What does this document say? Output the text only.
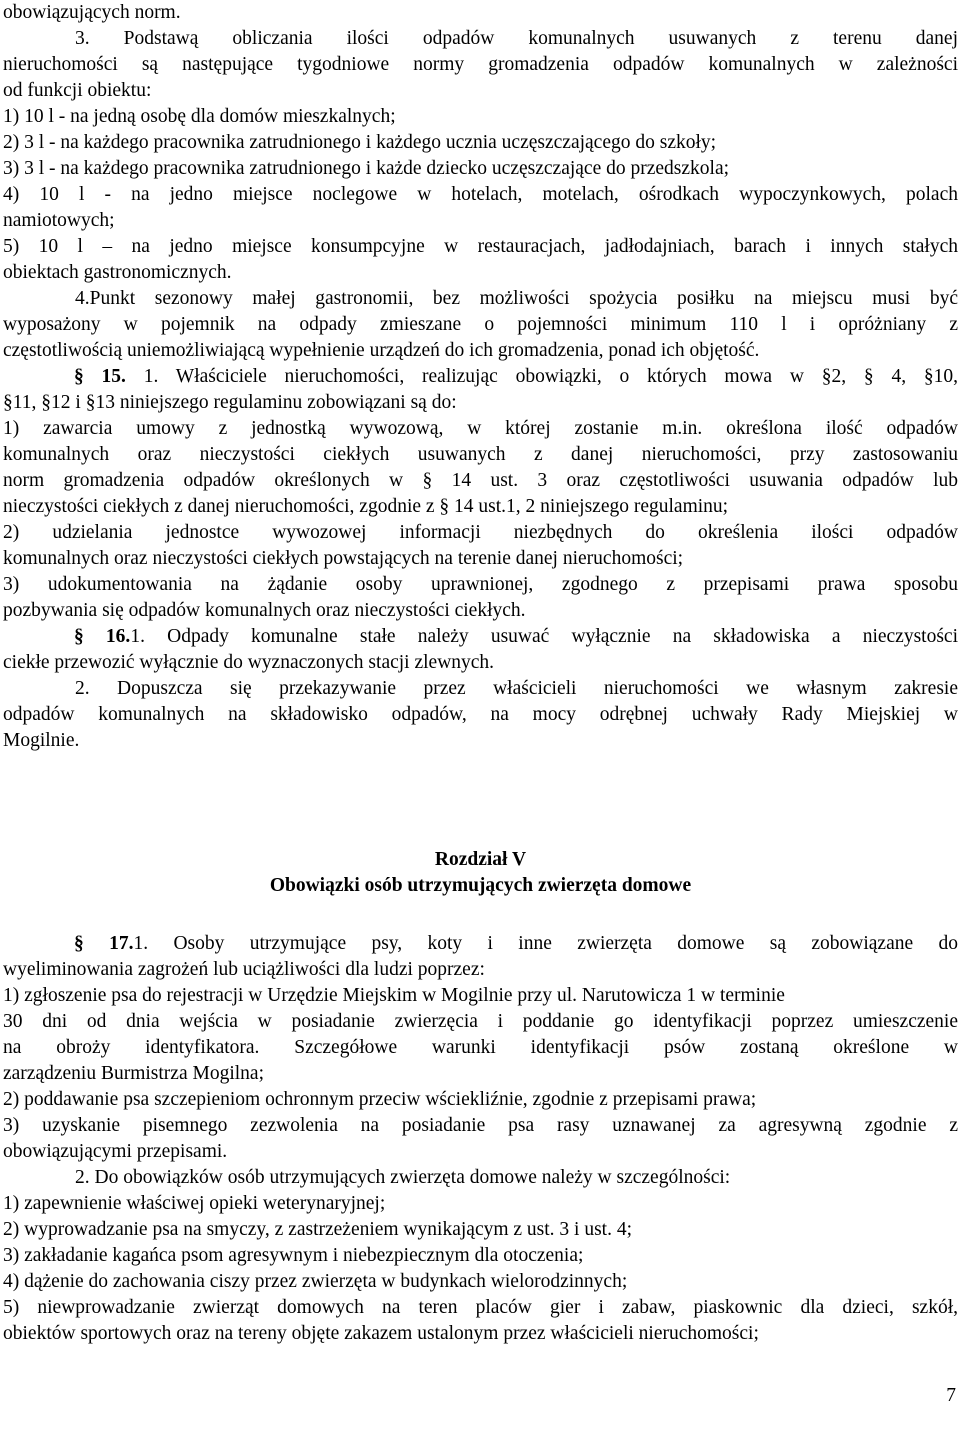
obowiązujących norm.
3. Podstawą obliczania ilości odpadów komunalnych usuwanych z terenu danej
nieruchomości są następujące tygodniowe normy gromadzenia odpadów komunalnych w zależności
od funkcji obiektu:
1) 10 l - na jedną osobę dla domów mieszkalnych;
2) 3 l - na każdego pracownika zatrudnionego i każdego ucznia uczęszczającego do szkoły;
3) 3 l - na każdego pracownika zatrudnionego i każde dziecko uczęszczające do przedszkola;
4) 10 l - na jedno miejsce noclegowe w hotelach, motelach, ośrodkach wypoczynkowych, polach
namiotowych;
5) 10 l – na jedno miejsce konsumpcyjne w restauracjach, jadłodajniach, barach i innych stałych
obiektach gastronomicznych.
4.Punkt sezonowy małej gastronomii, bez możliwości spożycia posiłku na miejscu musi być
wyposażony w pojemnik na odpady zmieszane o pojemności minimum 110 l i opróżniany z
częstotliwością uniemożliwiającą wypełnienie urządzeń do ich gromadzenia, ponad ich objętość.
§ 15. 1. Właściciele nieruchomości, realizując obowiązki, o których mowa w §2, § 4, §10,
§11, §12 i §13 niniejszego regulaminu zobowiązani są do:
1) zawarcia umowy z jednostką wywozową, w której zostanie m.in. określona ilość odpadów
komunalnych oraz nieczystości ciekłych usuwanych z danej nieruchomości, przy zastosowaniu
norm gromadzenia odpadów określonych w § 14 ust. 3 oraz częstotliwości usuwania odpadów lub
nieczystości ciekłych z danej nieruchomości, zgodnie z § 14 ust.1, 2 niniejszego regulaminu;
2) udzielania jednostce wywozowej informacji niezbędnych do określenia ilości odpadów
komunalnych oraz nieczystości ciekłych powstających na terenie danej nieruchomości;
3) udokumentowania na żądanie osoby uprawnionej, zgodnego z przepisami prawa sposobu
pozbywania się odpadów komunalnych oraz nieczystości ciekłych.
§ 16.1. Odpady komunalne stałe należy usuwać wyłącznie na składowiska a nieczystości
ciekłe przewozić wyłącznie do wyznaczonych stacji zlewnych.
2. Dopuszcza się przekazywanie przez właścicieli nieruchomości we własnym zakresie
odpadów komunalnych na składowisko odpadów, na mocy odrębnej uchwały Rady Miejskiej w
Mogilnie.
Rozdział V
Obowiązki osób utrzymujących zwierzęta domowe
§ 17.1. Osoby utrzymujące psy, koty i inne zwierzęta domowe są zobowiązane do
wyeliminowania zagrożeń lub uciążliwości dla ludzi poprzez:
1) zgłoszenie psa do rejestracji w Urzędzie Miejskim w Mogilnie przy ul. Narutowicza 1 w terminie
30 dni od dnia wejścia w posiadanie zwierzęcia i poddanie go identyfikacji poprzez umieszczenie
na obroży identyfikatora. Szczegółowe warunki identyfikacji psów zostaną określone w
zarządzeniu Burmistrza Mogilna;
2) poddawanie psa szczepieniom ochronnym przeciw wściekliźnie, zgodnie z przepisami prawa;
3) uzyskanie pisemnego zezwolenia na posiadanie psa rasy uznawanej za agresywną zgodnie z
obowiązującymi przepisami.
2. Do obowiązków osób utrzymujących zwierzęta domowe należy w szczególności:
1) zapewnienie właściwej opieki weterynaryjnej;
2) wyprowadzanie psa na smyczy, z zastrzeżeniem wynikającym z ust. 3 i ust. 4;
3) zakładanie kagańca psom agresywnym i niebezpiecznym dla otoczenia;
4) dążenie do zachowania ciszy przez zwierzęta w budynkach wielorodzinnych;
5) niewprowadzanie zwierząt domowych na teren placów gier i zabaw, piaskownic dla dzieci, szkół,
obiektów sportowych oraz na tereny objęte zakazem ustalonym przez właścicieli nieruchomości;
7
